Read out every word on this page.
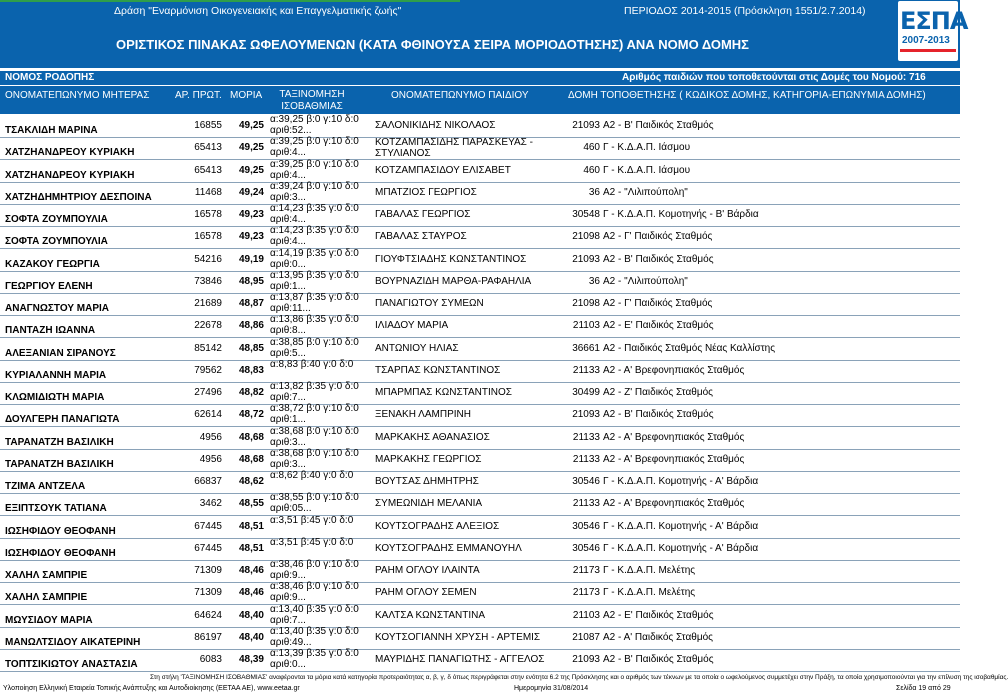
Δράση "Εναρμόνιση Οικογενειακής και Επαγγελματικής ζωής"	ΠΕΡΙΟΔΟΣ 2014-2015 (Πρόσκληση 1551/2.7.2014)
ΟΡΙΣΤΙΚΟΣ ΠΙΝΑΚΑΣ ΩΦΕΛΟΥΜΕΝΩΝ (ΚΑΤΑ ΦΘΙΝΟΥΣΑ ΣΕΙΡΑ ΜΟΡΙΟΔΟΤΗΣΗΣ) ΑΝΑ ΝΟΜΟ ΔΟΜΗΣ
ΕΣΠΑ
2007-2013
ΝΟΜΟΣ ΡΟΔΟΠΗΣ	Αριθμός παιδιών που τοποθετούνται στις Δομές του Νομού: 716
ΟΝΟΜΑΤΕΠΩΝΥΜΟ ΜΗΤΕΡΑΣ	ΑΡ. ΠΡΩΤ. ΜΟΡΙΑ	ΤΑΞΙΝΟΜΗΣΗ ΙΣΟΒΑΘΜΙΑΣ
ΟΝΟΜΑΤΕΠΩΝΥΜΟ ΠΑΙΔΙΟΥ	ΔΟΜΗ ΤΟΠΟΘΕΤΗΣΗΣ ( ΚΩΔΙΚΟΣ ΔΟΜΗΣ, ΚΑΤΗΓΟΡΙΑ-ΕΠΩΝΥΜΙΑ ΔΟΜΗΣ)
ΤΣΑΚΛΙΔΗ ΜΑΡΙΝΑ	16855	49,25
α:39,25 β:0 γ:10 δ:0
αριθ:52...	ΣΑΛΟΝΙΚΙΔΗΣ ΝΙΚΟΛΑΟΣ	21093 Α2 - Β' Παιδικός Σταθμός
ΧΑΤΖΗΑΝΔΡΕΟΥ ΚΥΡΙΑΚΗ	65413	49,25
α:39,25 β:0 γ:10 δ:0
αριθ:4...
ΚΟΤΖΑΜΠΑΣΙΔΗΣ ΠΑΡΑΣΚΕΥΑΣ -
ΣΤΥΛΙΑΝΟΣ
460 Γ - Κ.Δ.Α.Π. Ιάσμου
ΧΑΤΖΗΑΝΔΡΕΟΥ ΚΥΡΙΑΚΗ	65413	49,25
α:39,25 β:0 γ:10 δ:0
αριθ:4...	ΚΟΤΖΑΜΠΑΣΙΔΟΥ ΕΛΙΣΑΒΕΤ	460 Γ - Κ.Δ.Α.Π. Ιάσμου
ΧΑΤΖΗΔΗΜΗΤΡΙΟΥ ΔΕΣΠΟΙΝΑ	11468	49,24
α:39,24 β:0 γ:10 δ:0
αριθ:3...	ΜΠΑΤΖΙΟΣ ΓΕΩΡΓΙΟΣ	36 Α2 - "Λιλιπούπολη"
ΣΟΦΤΑ ΖΟΥΜΠΟΥΛΙΑ	16578	49,23
α:14,23 β:35 γ:0 δ:0
αριθ:4...	ΓΑΒΑΛΑΣ ΓΕΩΡΓΙΟΣ	30548 Γ - Κ.Δ.Α.Π. Κομοτηνής - Β' Βάρδια
ΣΟΦΤΑ ΖΟΥΜΠΟΥΛΙΑ	16578	49,23
α:14,23 β:35 γ:0 δ:0
αριθ:4...	ΓΑΒΑΛΑΣ ΣΤΑΥΡΟΣ	21098 Α2 - Γ' Παιδικός Σταθμός
ΚΑΖΑΚΟΥ ΓΕΩΡΓΙΑ	54216	49,19
α:14,19 β:35 γ:0 δ:0
αριθ:0...	ΓΙΟΥΦΤΣΙΑΔΗΣ ΚΩΝΣΤΑΝΤΙΝΟΣ	21093 Α2 - Β' Παιδικός Σταθμός
ΓΕΩΡΓΙΟΥ ΕΛΕΝΗ	73846	48,95
α:13,95 β:35 γ:0 δ:0
αριθ:1...	ΒΟΥΡΝΑΖΙΔΗ ΜΑΡΘΑ-ΡΑΦΑΗΛΙΑ	36 Α2 - "Λιλιπούπολη"
ΑΝΑΓΝΩΣΤΟΥ ΜΑΡΙΑ	21689	48,87
α:13,87 β:35 γ:0 δ:0
αριθ:11...	ΠΑΝΑΓΙΩΤΟΥ ΣΥΜΕΩΝ	21098 Α2 - Γ' Παιδικός Σταθμός
ΠΑΝΤΑΖΗ ΙΩΑΝΝΑ	22678	48,86
α:13,86 β:35 γ:0 δ:0
αριθ:8...	ΙΛΙΑΔΟΥ ΜΑΡΙΑ	21103 Α2 - Ε' Παιδικός Σταθμός
ΑΛΕΞΑΝΙΑΝ ΣΙΡΑΝΟΥΣ	85142	48,85
α:38,85 β:0 γ:10 δ:0
αριθ:5...	ΑΝΤΩΝΙΟΥ ΗΛΙΑΣ	36661 Α2 - Παιδικός Σταθμός Νέας Καλλίστης
ΚΥΡΙΑΛΑΝΝΗ ΜΑΡΙΑ	79562	48,83
α:8,83 β:40 γ:0 δ:0
ΤΣΑΡΠΑΣ ΚΩΝΣΤΑΝΤΙΝΟΣ	21133 Α2 - Α' Βρεφονηπιακός Σταθμός
ΚΛΩΜΙΔΙΩΤΗ ΜΑΡΙΑ	27496	48,82
α:13,82 β:35 γ:0 δ:0
αριθ:7...	ΜΠΑΡΜΠΑΣ ΚΩΝΣΤΑΝΤΙΝΟΣ	30499 Α2 - Ζ' Παιδικός Σταθμός
ΔΟΥΛΓΕΡΗ ΠΑΝΑΓΙΩΤΑ	62614	48,72
α:38,72 β:0 γ:10 δ:0
αριθ:1...	ΞΕΝΑΚΗ ΛΑΜΠΡΙΝΗ	21093 Α2 - Β' Παιδικός Σταθμός
ΤΑΡΑΝΑΤΖΗ ΒΑΣΙΛΙΚΗ	4956	48,68
α:38,68 β:0 γ:10 δ:0
αριθ:3...	ΜΑΡΚΑΚΗΣ ΑΘΑΝΑΣΙΟΣ	21133 Α2 - Α' Βρεφονηπιακός Σταθμός
ΤΑΡΑΝΑΤΖΗ ΒΑΣΙΛΙΚΗ	4956	48,68
α:38,68 β:0 γ:10 δ:0
αριθ:3...	ΜΑΡΚΑΚΗΣ ΓΕΩΡΓΙΟΣ	21133 Α2 - Α' Βρεφονηπιακός Σταθμός
ΤΖΙΜΑ ΑΝΤΖΕΛΑ	66837	48,62
α:8,62 β:40 γ:0 δ:0
ΒΟΥΤΣΑΣ ΔΗΜΗΤΡΗΣ	30546 Γ - Κ.Δ.Α.Π. Κομοτηνής - Α' Βάρδια
ΕΞΙΠΤΣΟΥΚ ΤΑΤΙΑΝΑ	3462	48,55
α:38,55 β:0 γ:10 δ:0
αριθ:05...	ΣΥΜΕΩΝΙΔΗ ΜΕΛΑΝΙΑ	21133 Α2 - Α' Βρεφονηπιακός Σταθμός
ΙΩΣΗΦΙΔΟΥ ΘΕΟΦΑΝΗ	67445	48,51
α:3,51 β:45 γ:0 δ:0
ΚΟΥΤΣΟΓΡΑΔΗΣ ΑΛΕΞΙΟΣ	30546 Γ - Κ.Δ.Α.Π. Κομοτηνής - Α' Βάρδια
ΙΩΣΗΦΙΔΟΥ ΘΕΟΦΑΝΗ	67445	48,51
α:3,51 β:45 γ:0 δ:0
ΚΟΥΤΣΟΓΡΑΔΗΣ ΕΜΜΑΝΟΥΗΛ	30546 Γ - Κ.Δ.Α.Π. Κομοτηνής - Α' Βάρδια
ΧΑΛΗΛ ΣΑΜΠΡΙΕ	71309	48,46
α:38,46 β:0 γ:10 δ:0
αριθ:9...	ΡΑΗΜ ΟΓΛΟΥ ΙΛΑΙΝΤΑ	21173 Γ - Κ.Δ.Α.Π. Μελέτης
ΧΑΛΗΛ ΣΑΜΠΡΙΕ	71309	48,46
α:38,46 β:0 γ:10 δ:0
αριθ:9...	ΡΑΗΜ ΟΓΛΟΥ ΣΕΜΕΝ	21173 Γ - Κ.Δ.Α.Π. Μελέτης
ΜΩΥΣΙΔΟΥ ΜΑΡΙΑ	64624	48,40
α:13,40 β:35 γ:0 δ:0
αριθ:7...	ΚΑΛΤΣΑ ΚΩΝΣΤΑΝΤΙΝΑ	21103 Α2 - Ε' Παιδικός Σταθμός
ΜΑΝΩΛΤΣΙΔΟΥ ΑΙΚΑΤΕΡΙΝΗ	86197	48,40
α:13,40 β:35 γ:0 δ:0
αριθ:49...	ΚΟΥΤΣΟΓΙΑΝΝΗ ΧΡΥΣΗ - ΑΡΤΕΜΙΣ	21087 Α2 - Α' Παιδικός Σταθμός
ΤΟΠΤΣΙΚΙΩΤΟΥ ΑΝΑΣΤΑΣΙΑ	6083	48,39
α:13,39 β:35 γ:0 δ:0
αριθ:0...	ΜΑΥΡΙΔΗΣ ΠΑΝΑΓΙΩΤΗΣ - ΑΓΓΕΛΟΣ	21093 Α2 - Β' Παιδικός Σταθμός
Στη στήλη 'ΤΑΞΙΝΟΜΗΣΗ ΙΣΟΒΑΘΜΙΑΣ' αναφέρονται τα μόρια κατά κατηγορία προτεραιότητας α, β, γ, δ όπως περιγράφεται στην ενότητα 6.2 της Πρόσκλησης και ο αριθμός των τέκνων με τα οποία ο ωφελούμενος συμμετέχει στην Πράξη, τα οποία χρησιμοποιούνται για την επίλυση της ισοβαθμίας.
Υλοποίηση Ελληνική Εταιρεία Τοπικής Ανάπτυξης και Αυτοδιοίκησης (ΕΕΤΑΑ ΑΕ), www.eetaa.gr	Ημερομηνία 31/08/2014	Σελίδα 19 από 29
